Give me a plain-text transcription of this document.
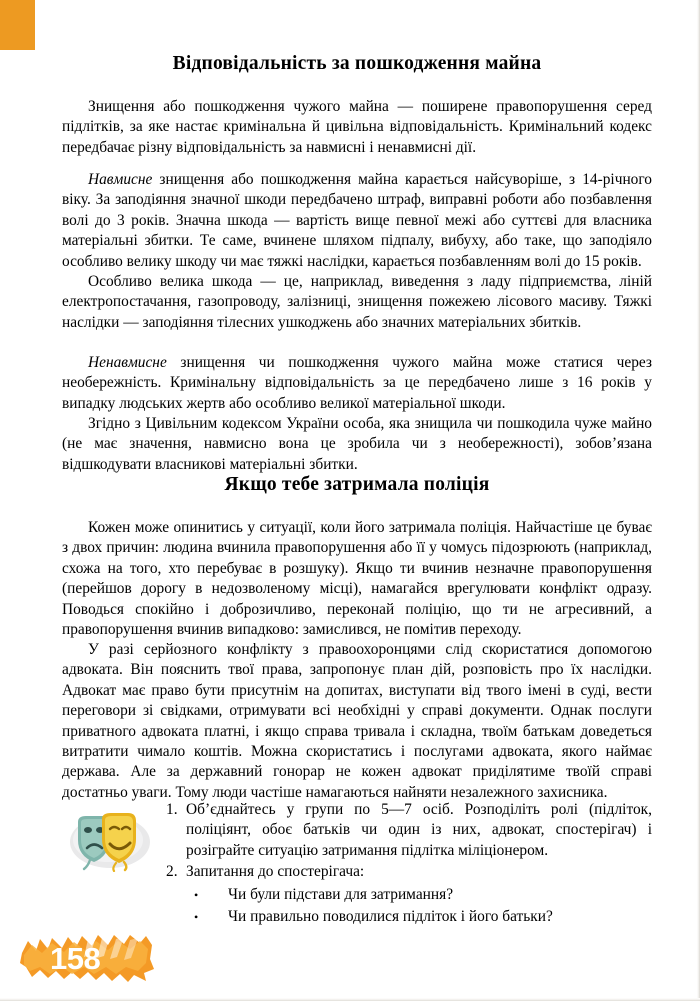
Відповідальність за пошкодження майна

Знищення або пошкодження чужого майна — поширене правопорушення серед підлітків, за яке настає кримінальна й цивільна відповідальність. Кримінальний кодекс передбачає різну відповідальність за навмисні і ненавмисні дії.

Навмисне знищення або пошкодження майна карається найсуворіше, з 14-річного віку. За заподіяння значної шкоди передбачено штраф, виправні роботи або позбавлення волі до 3 років. Значна шкода — вартість вище певної межі або суттєві для власника матеріальні збитки. Те саме, вчинене шляхом підпалу, вибуху, або таке, що заподіяло особливо велику шкоду чи має тяжкі наслідки, карається позбавленням волі до 15 років.

Особливо велика шкода — це, наприклад, виведення з ладу підприємства, ліній електропостачання, газопроводу, залізниці, знищення пожежею лісового масиву. Тяжкі наслідки — заподіяння тілесних ушкоджень або значних матеріальних збитків.

Ненавмисне знищення чи пошкодження чужого майна може статися через необережність. Кримінальну відповідальність за це передбачено лише з 16 років у випадку людських жертв або особливо великої матеріальної шкоди.

Згідно з Цивільним кодексом України особа, яка знищила чи пошкодила чуже майно (не має значення, навмисно вона це зробила чи з необережності), зобов’язана відшкодувати власникові матеріальні збитки.

Якщо тебе затримала поліція

Кожен може опинитись у ситуації, коли його затримала поліція. Найчастіше це буває з двох причин: людина вчинила правопорушення або її у чомусь підозрюють (наприклад, схожа на того, хто перебуває в розшуку). Якщо ти вчинив незначне правопорушення (перейшов дорогу в недозволеному місці), намагайся врегулювати конфлікт одразу. Поводься спокійно і доброзичливо, переконай поліцію, що ти не агресивний, а правопорушення вчинив випадково: замислився, не помітив переходу.

У разі серйозного конфлікту з правоохоронцями слід скористатися допомогою адвоката. Він пояснить твої права, запропонує план дій, розповість про їх наслідки. Адвокат має право бути присутнім на допитах, виступати від твого імені в суді, вести переговори зі свідками, отримувати всі необхідні у справі документи. Однак послуги приватного адвоката платні, і якщо справа тривала і складна, твоїм батькам доведеться витратити чимало коштів. Можна скористатись і послугами адвоката, якого наймає держава. Але за державний гонорар не кожен адвокат приділятиме твоїй справі достатньо уваги. Тому люди частіше намагаються найняти незалежного захисника.

1. Об’єднайтесь у групи по 5—7 осіб. Розподіліть ролі (підліток, поліціянт, обоє батьків чи один із них, адвокат, спостерігач) і розіграйте ситуацію затримання підлітка міліціонером.
2. Запитання до спостерігача:
•	Чи були підстави для затримання?
•	Чи правильно поводилися підліток і його батьки?
158
